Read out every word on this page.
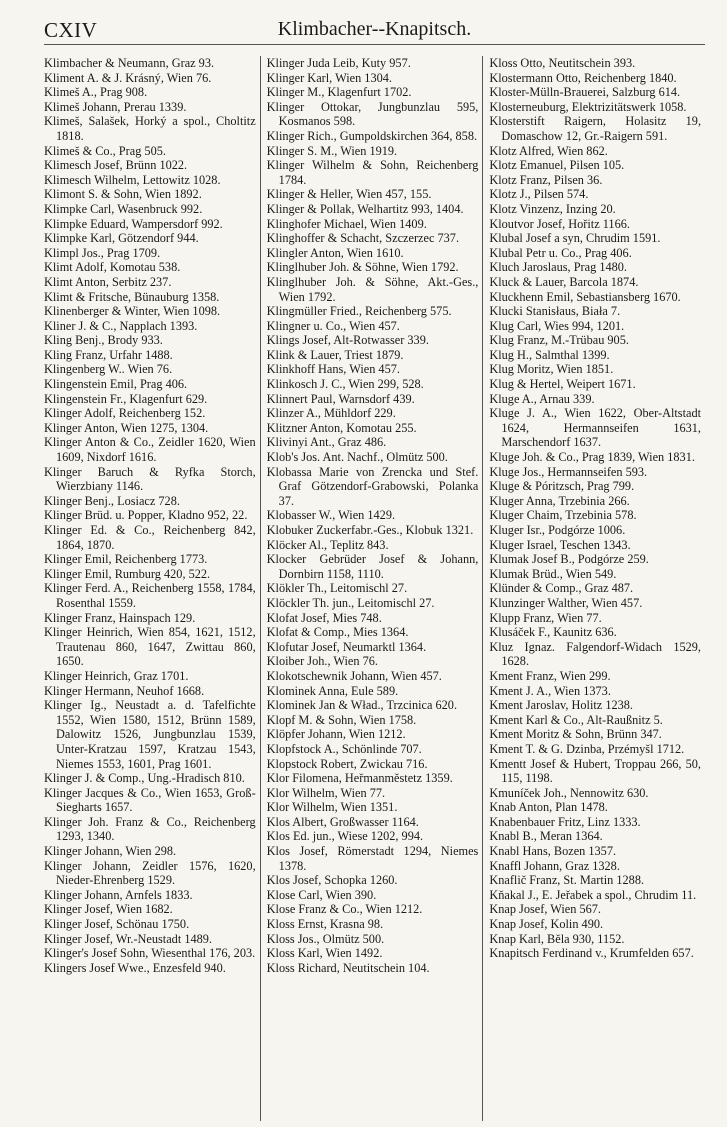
CXIV	Klimbacher--Knapitsch.
Klimbacher & Neumann, Graz 93.
Kliment A. & J. Krásný, Wien 76.
Klimeš A., Prag 908.
Klimeš Johann, Prerau 1339.
Klimeš, Salašek, Horký a spol., Choltitz 1818.
Klimeš & Co., Prag 505.
Klimesch Josef, Brünn 1022.
Klimesch Wilhelm, Lettowitz 1028.
Klimont S. & Sohn, Wien 1892.
Klimpke Carl, Wasenbruck 992.
Klimpke Eduard, Wampersdorf 992.
Klimpke Karl, Götzendorf 944.
Klimpl Jos., Prag 1709.
Klimt Adolf, Komotau 538.
Klimt Anton, Serbitz 237.
Klimt & Fritsche, Bünauburg 1358.
Klinenberger & Winter, Wien 1098.
Kliner J. & C., Napplach 1393.
Kling Benj., Brody 933.
Kling Franz, Urfahr 1488.
Klingenberg W.. Wien 76.
Klingenstein Emil, Prag 406.
Klingenstein Fr., Klagenfurt 629.
Klinger Adolf, Reichenberg 152.
Klinger Anton, Wien 1275, 1304.
Klinger Anton & Co., Zeidler 1620, Wien 1609, Nixdorf 1616.
Klinger Baruch & Ryfka Storch, Wierzbiany 1146.
Klinger Benj., Losiacz 728.
Klinger Brüd. u. Popper, Kladno 952, 22.
Klinger Ed. & Co., Reichenberg 842, 1864, 1870.
Klinger Emil, Reichenberg 1773.
Klinger Emil, Rumburg 420, 522.
Klinger Ferd. A., Reichenberg 1558, 1784, Rosenthal 1559.
Klinger Franz, Hainspach 129.
Klinger Heinrich, Wien 854, 1621, 1512, Trautenau 860, 1647, Zwittau 860, 1650.
Klinger Heinrich, Graz 1701.
Klinger Hermann, Neuhof 1668.
Klinger Ig., Neustadt a. d. Tafelfichte 1552, Wien 1580, 1512, Brünn 1589, Dalowitz 1526, Jungbunzlau 1539, Unter-Kratzau 1597, Kratzau 1543, Niemes 1553, 1601, Prag 1601.
Klinger J. & Comp., Ung.-Hradisch 810.
Klinger Jacques & Co., Wien 1653, Groß-Siegharts 1657.
Klinger Joh. Franz & Co., Reichenberg 1293, 1340.
Klinger Johann, Wien 298.
Klinger Johann, Zeidler 1576, 1620, Nieder-Ehrenberg 1529.
Klinger Johann, Arnfels 1833.
Klinger Josef, Wien 1682.
Klinger Josef, Schönau 1750.
Klinger Josef, Wr.-Neustadt 1489.
Klinger's Josef Sohn, Wiesenthal 176, 203.
Klingers Josef Wwe., Enzesfeld 940.
Klinger Juda Leib, Kuty 957.
Klinger Karl, Wien 1304.
Klinger M., Klagenfurt 1702.
Klinger Ottokar, Jungbunzlau 595, Kosmanos 598.
Klinger Rich., Gumpoldskirchen 364, 858.
Klinger S. M., Wien 1919.
Klinger Wilhelm & Sohn, Reichenberg 1784.
Klinger & Heller, Wien 457, 155.
Klinger & Pollak, Welhartitz 993, 1404.
Klinghofer Michael, Wien 1409.
Klinghoffer & Schacht, Szczerzec 737.
Klingler Anton, Wien 1610.
Klinglhuber Joh. & Söhne, Wien 1792.
Klinglhuber Joh. & Söhne, Akt.-Ges., Wien 1792.
Klingmüller Fried., Reichenberg 575.
Klingner u. Co., Wien 457.
Klings Josef, Alt-Rotwasser 339.
Klink & Lauer, Triest 1879.
Klinkhoff Hans, Wien 457.
Klinkosch J. C., Wien 299, 528.
Klinnert Paul, Warnsdorf 439.
Klinzer A., Mühldorf 229.
Klitzner Anton, Komotau 255.
Klivinyi Ant., Graz 486.
Klob's Jos. Ant. Nachf., Olmütz 500.
Klobassa Marie von Zrencka und Stef. Graf Götzendorf-Grabowski, Polanka 37.
Klobasser W., Wien 1429.
Klobuker Zuckerfabr.-Ges., Klobuk 1321.
Klöcker Al., Teplitz 843.
Klocker Gebrüder Josef & Johann, Dornbirn 1158, 1110.
Klökler Th., Leitomischl 27.
Klöckler Th. jun., Leitomischl 27.
Klofat Josef, Mies 748.
Klofat & Comp., Mies 1364.
Klofutar Josef, Neumarktl 1364.
Kloiber Joh., Wien 76.
Klokotschewnik Johann, Wien 457.
Klominek Anna, Eule 589.
Klominek Jan & Wład., Trzcinica 620.
Klopf M. & Sohn, Wien 1758.
Klöpfer Johann, Wien 1212.
Klopfstock A., Schönlinde 707.
Klopstock Robert, Zwickau 716.
Klor Filomena, Heřmanměstetz 1359.
Klor Wilhelm, Wien 77.
Klor Wilhelm, Wien 1351.
Klos Albert, Großwasser 1164.
Klos Ed. jun., Wiese 1202, 994.
Klos Josef, Römerstadt 1294, Niemes 1378.
Klos Josef, Schopka 1260.
Klose Carl, Wien 390.
Klose Franz & Co., Wien 1212.
Kloss Ernst, Krasna 98.
Kloss Jos., Olmütz 500.
Kloss Karl, Wien 1492.
Kloss Richard, Neutitschein 104.
Kloss Otto, Neutitschein 393.
Klostermann Otto, Reichenberg 1840.
Kloster-Mülln-Brauerei, Salzburg 614.
Klosterneuburg, Elektrizitätswerk 1058.
Klosterstift Raigern, Holasitz 19, Domaschow 12, Gr.-Raigern 591.
Klotz Alfred, Wien 862.
Klotz Emanuel, Pilsen 105.
Klotz Franz, Pilsen 36.
Klotz J., Pilsen 574.
Klotz Vinzenz, Inzing 20.
Kloutvor Josef, Hořitz 1166.
Klubal Josef a syn, Chrudim 1591.
Klubal Petr u. Co., Prag 406.
Kluch Jaroslaus, Prag 1480.
Kluck & Lauer, Barcola 1874.
Kluckhenn Emil, Sebastiansberg 1670.
Klucki Stanisłaus, Biała 7.
Klug Carl, Wies 994, 1201.
Klug Franz, M.-Trübau 905.
Klug H., Salmthal 1399.
Klug Moritz, Wien 1851.
Klug & Hertel, Weipert 1671.
Kluge A., Arnau 339.
Kluge J. A., Wien 1622, Ober-Altstadt 1624, Hermannseifen 1631, Marschendorf 1637.
Kluge Joh. & Co., Prag 1839, Wien 1831.
Kluge Jos., Hermannseifen 593.
Kluge & Póritzsch, Prag 799.
Kluger Anna, Trzebinia 266.
Kluger Chaim, Trzebinia 578.
Kluger Isr., Podgórze 1006.
Kluger Israel, Teschen 1343.
Klumak Josef B., Podgórze 259.
Klumak Brüd., Wien 549.
Klünder & Comp., Graz 487.
Klunzinger Walther, Wien 457.
Klupp Franz, Wien 77.
Klusáček F., Kaunitz 636.
Kluz Ignaz. Falgendorf-Widach 1529, 1628.
Kment Franz, Wien 299.
Kment J. A., Wien 1373.
Kment Jaroslav, Holitz 1238.
Kment Karl & Co., Alt-Raußnitz 5.
Kment Moritz & Sohn, Brünn 347.
Kment T. & G. Dzinba, Przémyšl 1712.
Kmentt Josef & Hubert, Troppau 266, 50, 115, 1198.
Kmuníček Joh., Nennowitz 630.
Knab Anton, Plan 1478.
Knabenbauer Fritz, Linz 1333.
Knabl B., Meran 1364.
Knabl Hans, Bozen 1357.
Knaffl Johann, Graz 1328.
Knaflič Franz, St. Martin 1288.
Kňakal J., E. Jeřabek a spol., Chrudim 11.
Knap Josef, Wien 567.
Knap Josef, Kolin 490.
Knap Karl, Běla 930, 1152.
Knapitsch Ferdinand v., Krumfelden 657.
